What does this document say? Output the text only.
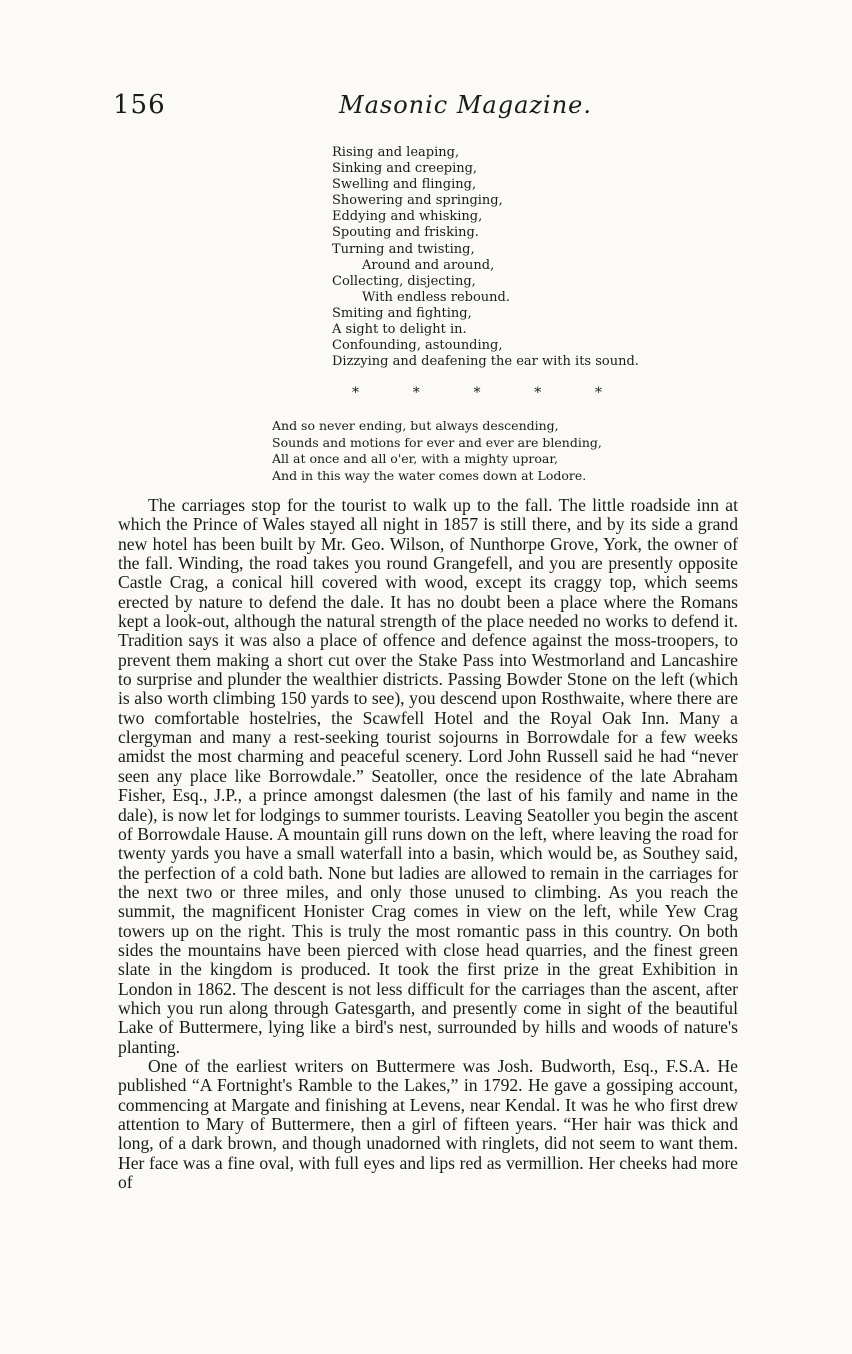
156	Masonic Magazine.
Rising and leaping,
Sinking and creeping,
Swelling and flinging,
Showering and springing,
Eddying and whisking,
Spouting and frisking.
Turning and twisting,
Around and around,
Collecting, disjecting,
With endless rebound.
Smiting and fighting,
A sight to delight in.
Confounding, astounding,
Dizzying and deafening the ear with its sound.
*	*	*	*	*
And so never ending, but always descending,
Sounds and motions for ever and ever are blending,
All at once and all o'er, with a mighty uproar,
And in this way the water comes down at Lodore.

The carriages stop for the tourist to walk up to the fall. The little roadside inn at which the Prince of Wales stayed all night in 1857 is still there, and by its side a grand new hotel has been built by Mr. Geo. Wilson, of Nunthorpe Grove, York, the owner of the fall. Winding, the road takes you round Grangefell, and you are presently opposite Castle Crag, a conical hill covered with wood, except its craggy top, which seems erected by nature to defend the dale. It has no doubt been a place where the Romans kept a look-out, although the natural strength of the place needed no works to defend it. Tradition says it was also a place of offence and defence against the moss-troopers, to prevent them making a short cut over the Stake Pass into Westmorland and Lancashire to surprise and plunder the wealthier districts. Passing Bowder Stone on the left (which is also worth climbing 150 yards to see), you descend upon Rosthwaite, where there are two comfortable hostelries, the Scawfell Hotel and the Royal Oak Inn. Many a clergyman and many a rest-seeking tourist sojourns in Borrowdale for a few weeks amidst the most charming and peaceful scenery. Lord John Russell said he had “never seen any place like Borrowdale.” Seatoller, once the residence of the late Abraham Fisher, Esq., J.P., a prince amongst dalesmen (the last of his family and name in the dale), is now let for lodgings to summer tourists. Leaving Seatoller you begin the ascent of Borrowdale Hause. A mountain gill runs down on the left, where leaving the road for twenty yards you have a small waterfall into a basin, which would be, as Southey said, the perfection of a cold bath. None but ladies are allowed to remain in the carriages for the next two or three miles, and only those unused to climbing. As you reach the summit, the magnificent Honister Crag comes in view on the left, while Yew Crag towers up on the right. This is truly the most romantic pass in this country. On both sides the mountains have been pierced with close head quarries, and the finest green slate in the kingdom is produced. It took the first prize in the great Exhibition in London in 1862. The descent is not less difficult for the carriages than the ascent, after which you run along through Gatesgarth, and presently come in sight of the beautiful Lake of Buttermere, lying like a bird's nest, surrounded by hills and woods of nature's planting.

One of the earliest writers on Buttermere was Josh. Budworth, Esq., F.S.A. He published “A Fortnight's Ramble to the Lakes,” in 1792. He gave a gossiping account, commencing at Margate and finishing at Levens, near Kendal. It was he who first drew attention to Mary of Buttermere, then a girl of fifteen years. “Her hair was thick and long, of a dark brown, and though unadorned with ringlets, did not seem to want them. Her face was a fine oval, with full eyes and lips red as vermillion. Her cheeks had more of
